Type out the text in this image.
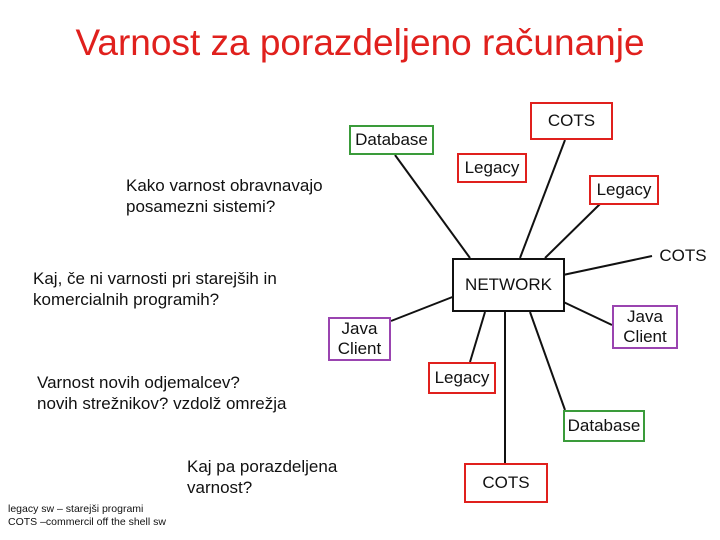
Varnost za porazdeljeno računanje
Kako varnost obravnavajo
posamezni sistemi?
Kaj, če ni varnosti pri starejših in
komercialnih programih?
Varnost novih odjemalcev?
novih strežnikov? vzdolž omrežja
Kaj pa porazdeljena
varnost?
NETWORK
Database
COTS
Legacy
Legacy
COTS
Java
Client
Java
Client
Legacy
Database
COTS
legacy sw – starejši programi
COTS –commercil off the shell sw
